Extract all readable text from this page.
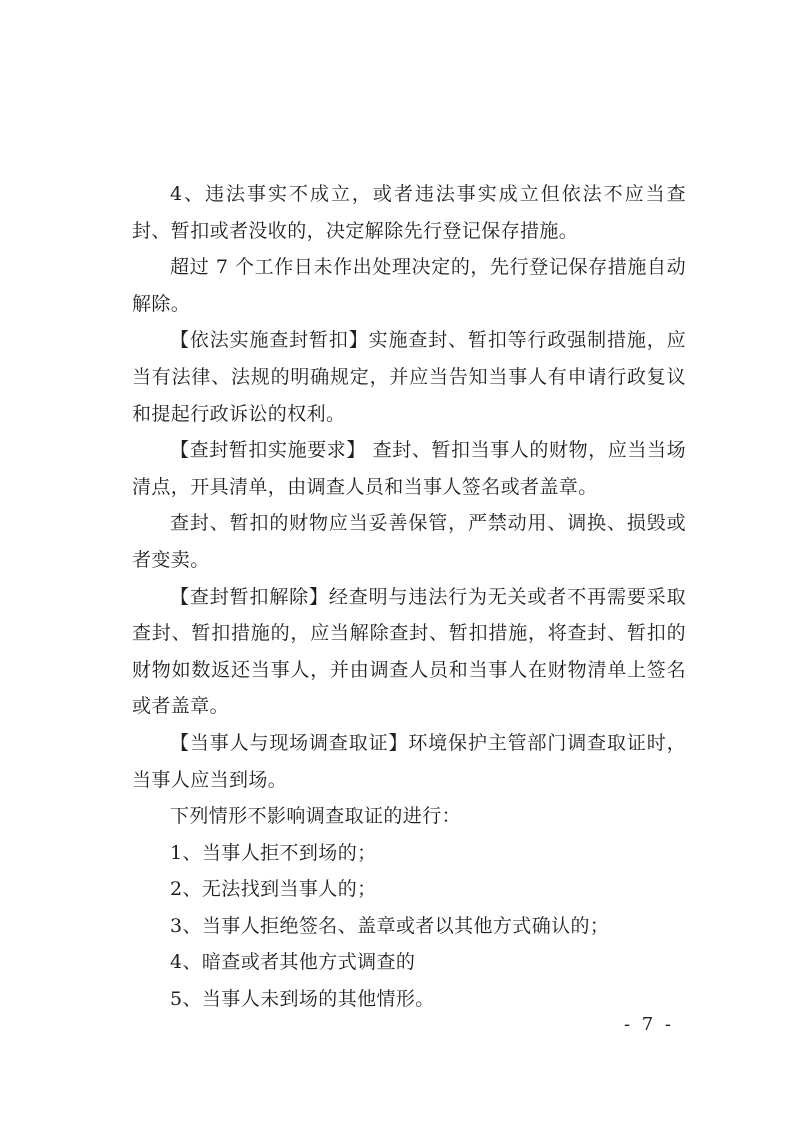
4、违法事实不成立，或者违法事实成立但依法不应当查封、暂扣或者没收的，决定解除先行登记保存措施。

超过 7 个工作日未作出处理决定的，先行登记保存措施自动解除。

【依法实施查封暂扣】实施查封、暂扣等行政强制措施，应当有法律、法规的明确规定，并应当告知当事人有申请行政复议和提起行政诉讼的权利。

【查封暂扣实施要求】 查封、暂扣当事人的财物，应当当场清点，开具清单，由调查人员和当事人签名或者盖章。

查封、暂扣的财物应当妥善保管，严禁动用、调换、损毁或者变卖。

【查封暂扣解除】经查明与违法行为无关或者不再需要采取查封、暂扣措施的，应当解除查封、暂扣措施，将查封、暂扣的财物如数返还当事人，并由调查人员和当事人在财物清单上签名或者盖章。

【当事人与现场调查取证】环境保护主管部门调查取证时，当事人应当到场。

下列情形不影响调查取证的进行：

1、当事人拒不到场的；

2、无法找到当事人的；

3、当事人拒绝签名、盖章或者以其他方式确认的；

4、暗查或者其他方式调查的

5、当事人未到场的其他情形。

- 7 -
